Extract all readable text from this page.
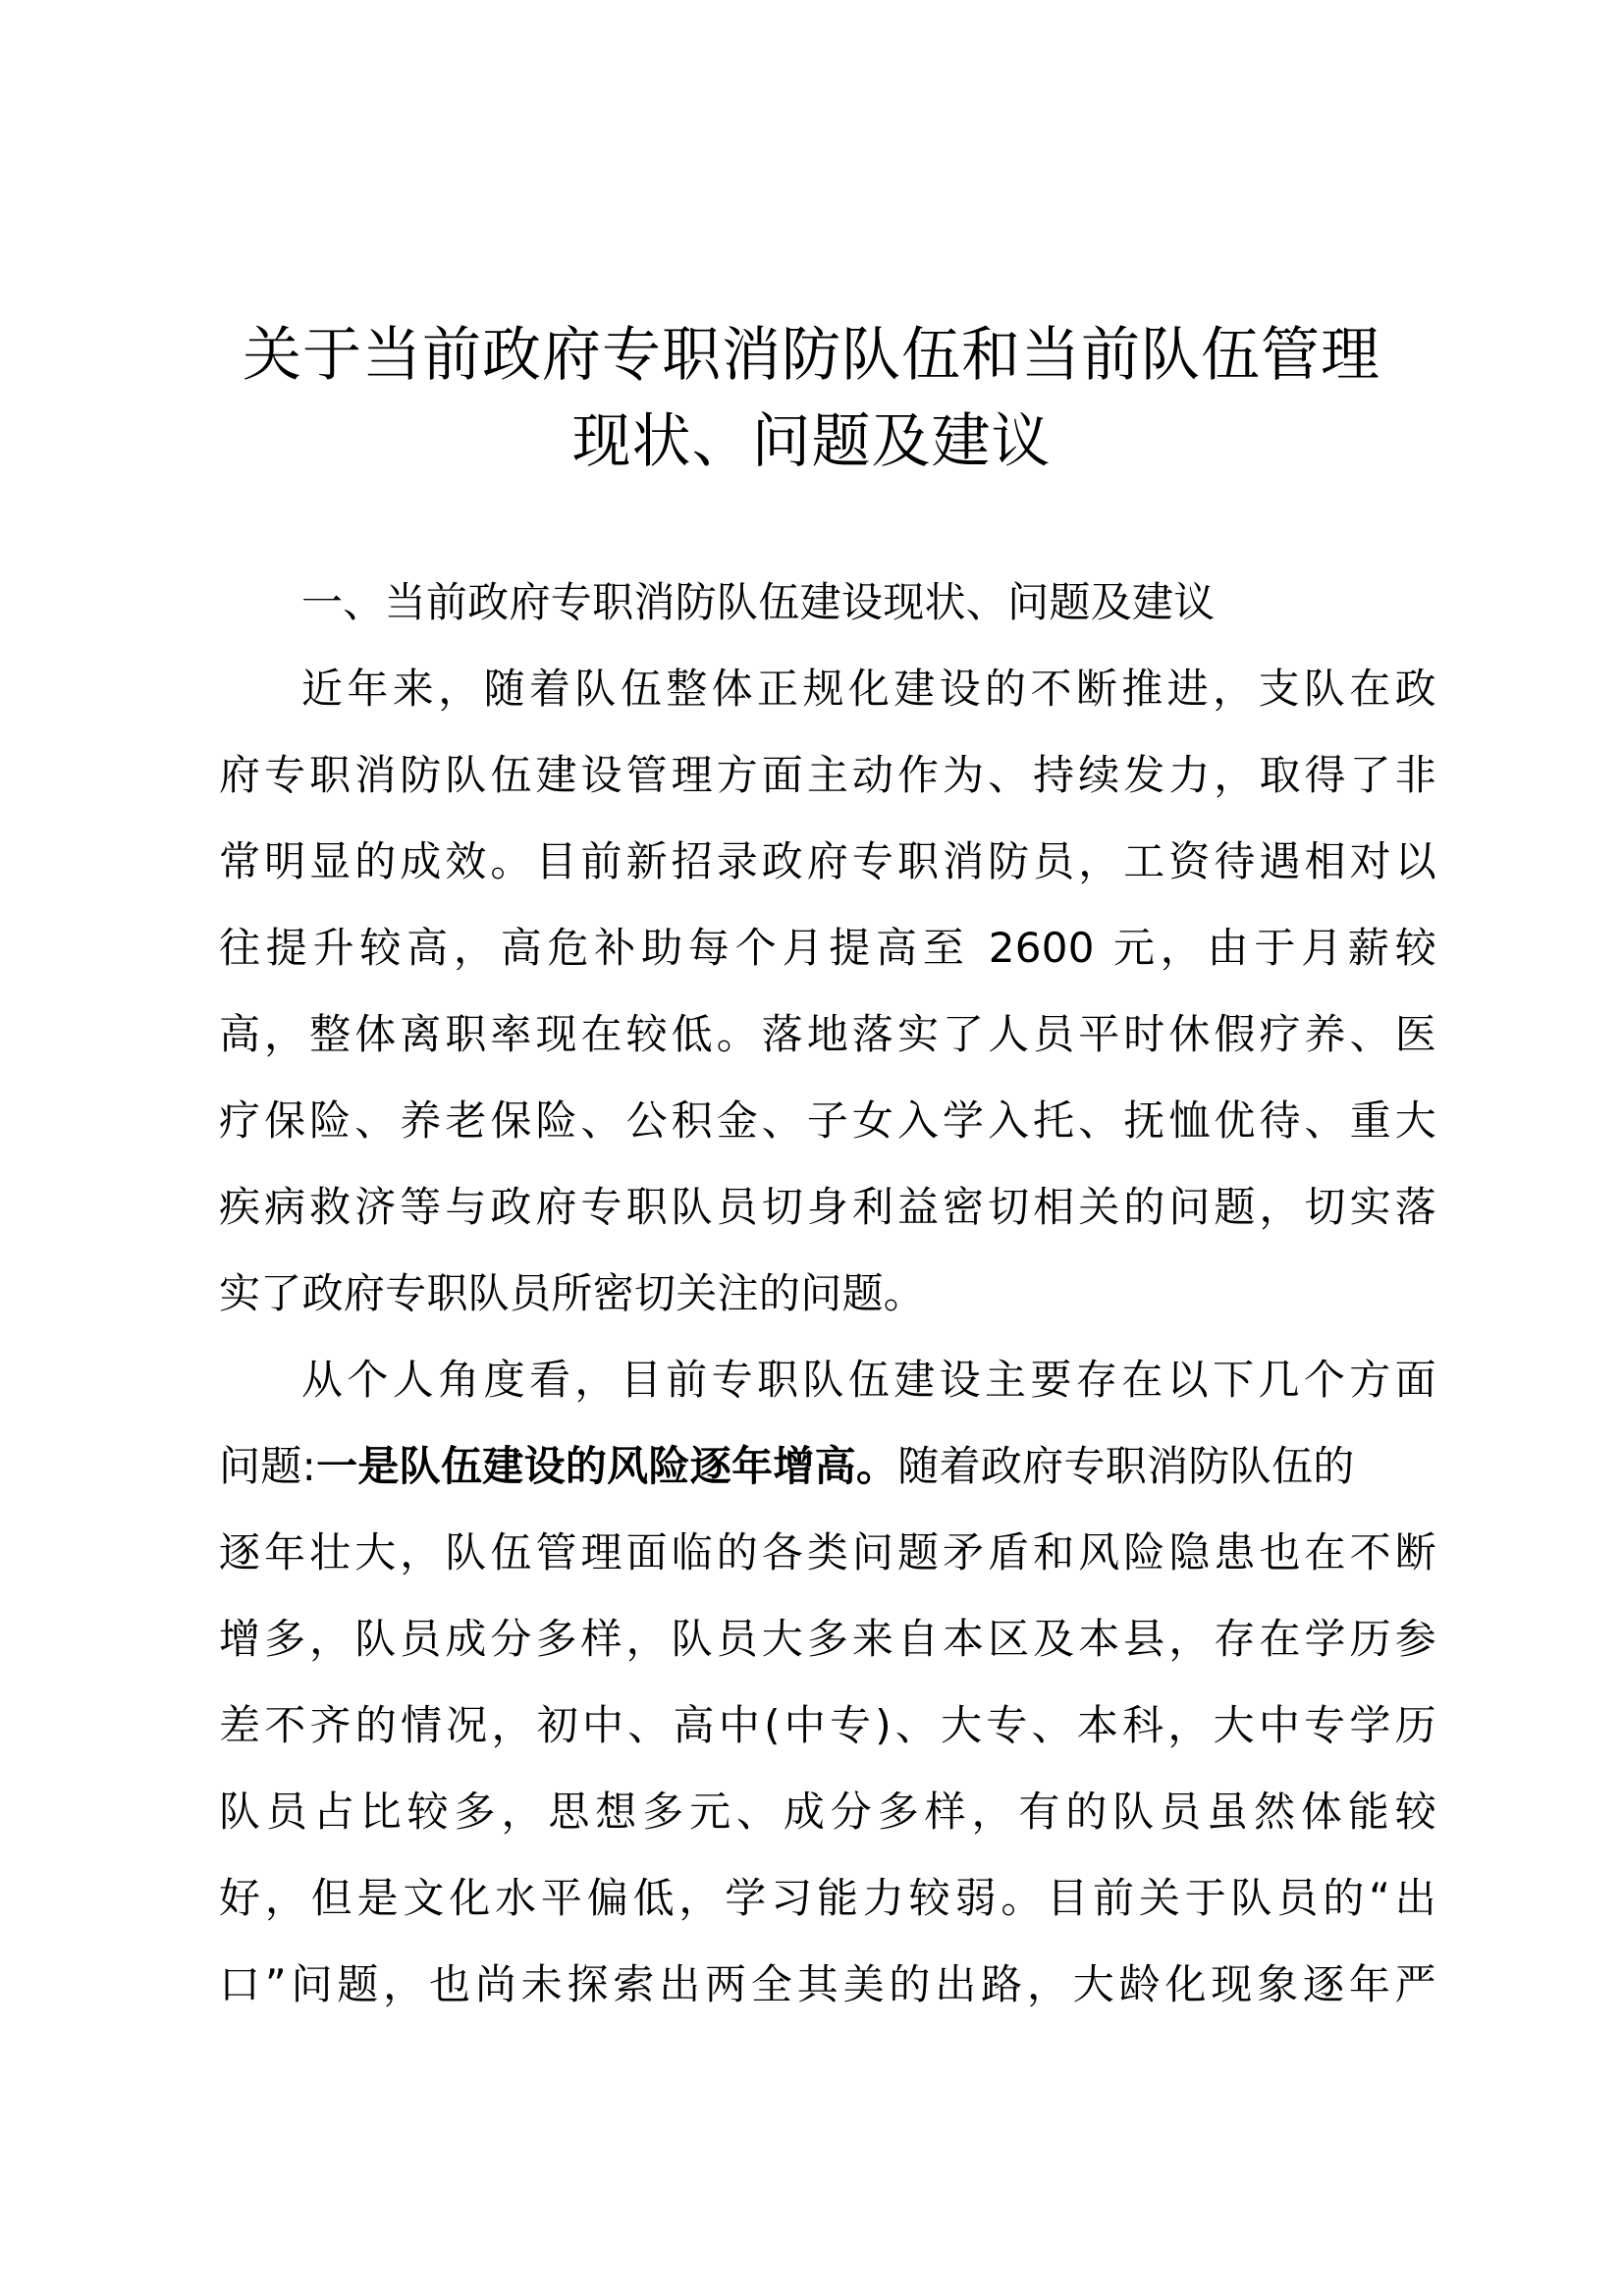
关于当前政府专职消防队伍和当前队伍管理
现状、问题及建议
一、当前政府专职消防队伍建设现状、问题及建议
近年来，随着队伍整体正规化建设的不断推进，支队在政
府专职消防队伍建设管理方面主动作为、持续发力，取得了非
常明显的成效。目前新招录政府专职消防员，工资待遇相对以
往提升较高，高危补助每个月提高至 2600 元，由于月薪较
高，整体离职率现在较低。落地落实了人员平时休假疗养、医
疗保险、养老保险、公积金、子女入学入托、抚恤优待、重大
疾病救济等与政府专职队员切身利益密切相关的问题，切实落
实了政府专职队员所密切关注的问题。
从个人角度看，目前专职队伍建设主要存在以下几个方面
问题:一是队伍建设的风险逐年增高。随着政府专职消防队伍的
逐年壮大，队伍管理面临的各类问题矛盾和风险隐患也在不断
增多，队员成分多样，队员大多来自本区及本县，存在学历参
差不齐的情况，初中、高中(中专)、大专、本科，大中专学历
队员占比较多，思想多元、成分多样，有的队员虽然体能较
好，但是文化水平偏低，学习能力较弱。目前关于队员的“出
口”问题，也尚未探索出两全其美的出路，大龄化现象逐年严
